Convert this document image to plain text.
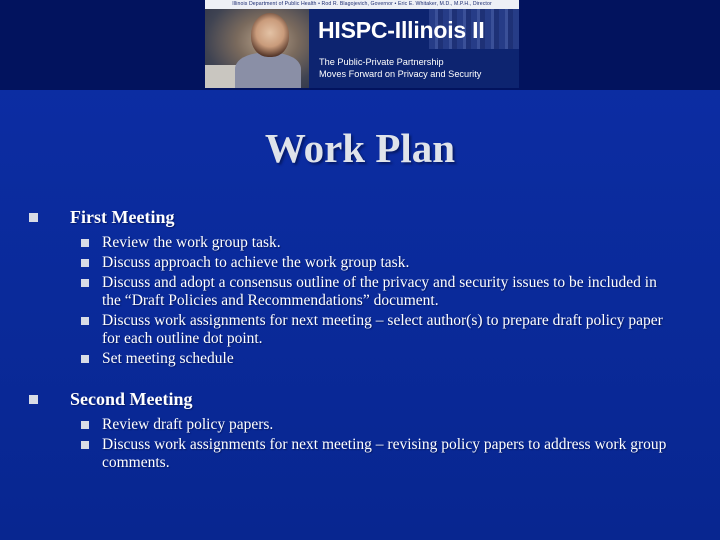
Illinois Department of Public Health • Rod R. Blagojevich, Governor • Eric E. Whitaker, M.D., M.P.H., Director
HISPC-Illinois II
The Public-Private Partnership
Moves Forward on Privacy and Security
Work Plan
First Meeting
Review the work group task.
Discuss approach to achieve the work group task.
Discuss and adopt a consensus outline of the privacy and security issues to be included in the “Draft Policies and Recommendations” document.
Discuss work assignments for next meeting – select author(s) to prepare draft policy paper for each outline dot point.
Set meeting schedule
Second Meeting
Review draft policy papers.
Discuss work assignments for next meeting – revising policy papers to address work group comments.
